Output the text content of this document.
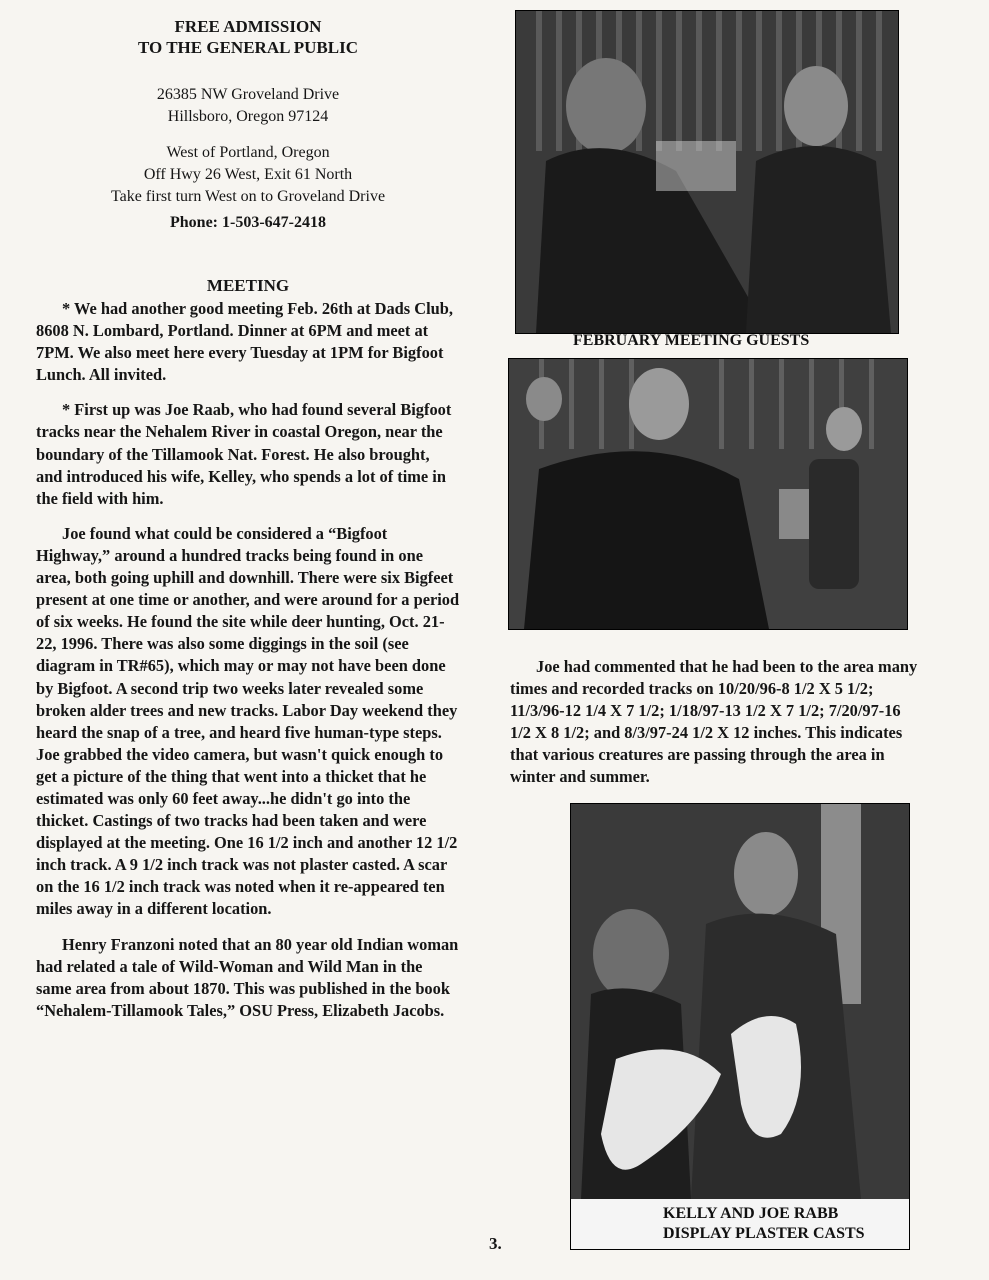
FREE ADMISSION
TO THE GENERAL PUBLIC
26385 NW Groveland Drive
Hillsboro, Oregon 97124
West of Portland, Oregon
Off Hwy 26 West, Exit 61 North
Take first turn West on to Groveland Drive
Phone: 1-503-647-2418
MEETING

* We had another good meeting Feb. 26th at Dads Club, 8608 N. Lombard, Portland. Dinner at 6PM and meet at 7PM. We also meet here every Tuesday at 1PM for Bigfoot Lunch. All invited.

* First up was Joe Raab, who had found several Bigfoot tracks near the Nehalem River in coastal Oregon, near the boundary of the Tillamook Nat. Forest. He also brought, and introduced his wife, Kelley, who spends a lot of time in the field with him.

Joe found what could be considered a “Bigfoot Highway,” around a hundred tracks being found in one area, both going uphill and downhill. There were six Bigfeet present at one time or another, and were around for a period of six weeks. He found the site while deer hunting, Oct. 21-22, 1996. There was also some diggings in the soil (see diagram in TR#65), which may or may not have been done by Bigfoot. A second trip two weeks later revealed some broken alder trees and new tracks. Labor Day weekend they heard the snap of a tree, and heard five human-type steps. Joe grabbed the video camera, but wasn't quick enough to get a picture of the thing that went into a thicket that he estimated was only 60 feet away...he didn't go into the thicket. Castings of two tracks had been taken and were displayed at the meeting. One 16 1/2 inch and another 12 1/2 inch track. A 9 1/2 inch track was not plaster casted. A scar on the 16 1/2 inch track was noted when it re-appeared ten miles away in a different location.

Henry Franzoni noted that an 80 year old Indian woman had related a tale of Wild-Woman and Wild Man in the same area from about 1870. This was published in the book “Nehalem-Tillamook Tales,” OSU Press, Elizabeth Jacobs.

FEBRUARY MEETING GUESTS

Joe had commented that he had been to the area many times and recorded tracks on 10/20/96-8 1/2 X 5 1/2; 11/3/96-12 1/4 X 7 1/2; 1/18/97-13 1/2 X 7 1/2; 7/20/97-16 1/2 X 8 1/2; and 8/3/97-24 1/2 X 12 inches. This indicates that various creatures are passing through the area in winter and summer.

KELLY AND JOE RABB
DISPLAY PLASTER CASTS
3.
